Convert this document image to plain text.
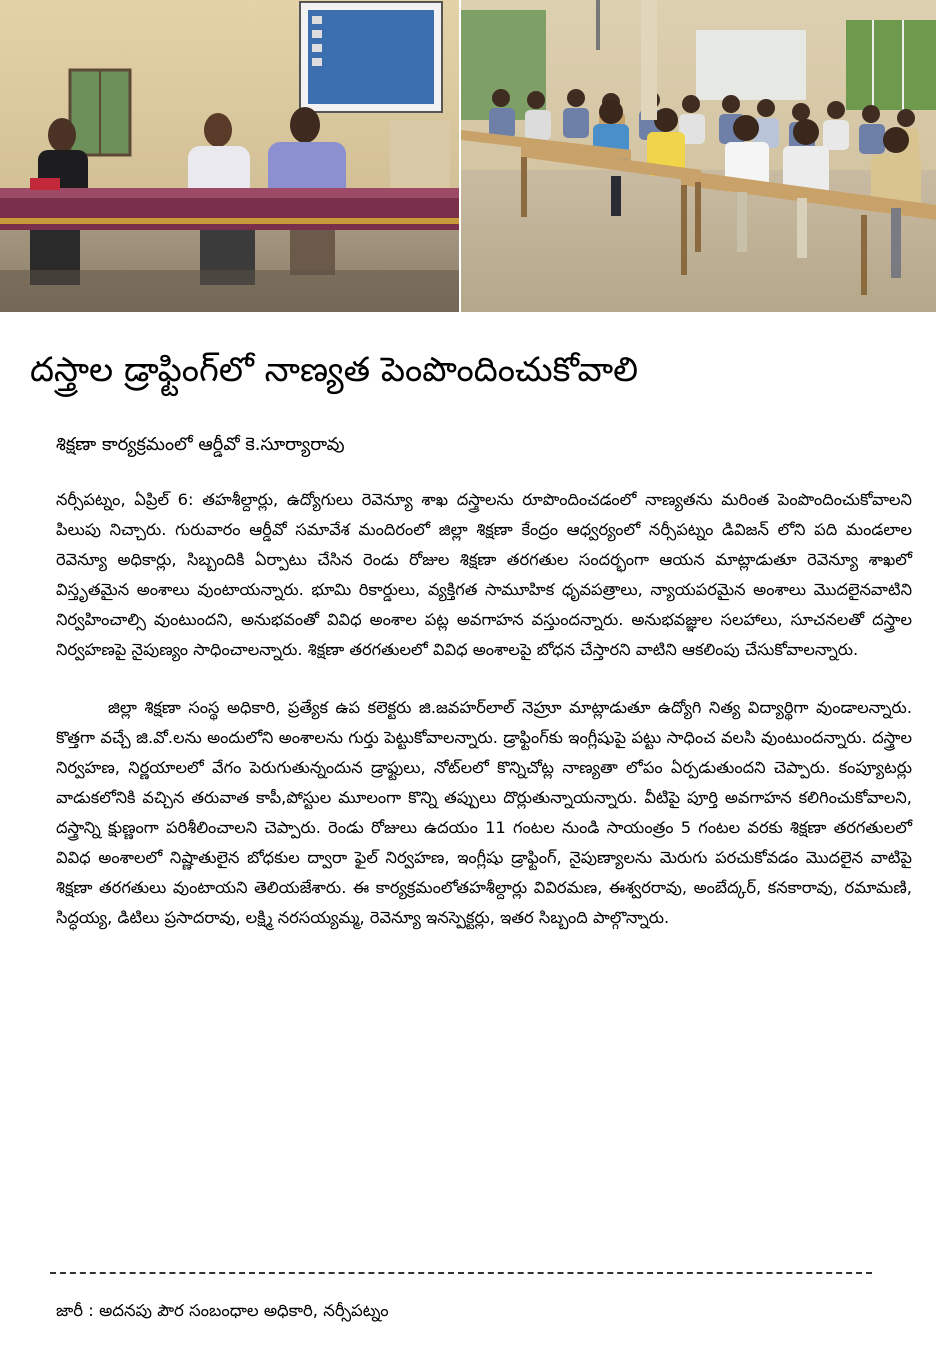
దస్త్రాల డ్రాఫ్టింగ్‌లో నాణ్యత పెంపొందించుకోవాలి

శిక్షణా కార్యక్రమంలో ఆర్డీవో కె.సూర్యారావు

నర్సీపట్నం, ఏప్రిల్ 6: తహశీల్దార్లు, ఉద్యోగులు రెవెన్యూ శాఖ దస్త్రాలను రూపొందించడంలో నాణ్యతను మరింత పెంపొందించుకోవాలని పిలుపు నిచ్చారు. గురువారం ఆర్డీవో సమావేశ మందిరంలో జిల్లా శిక్షణా కేంద్రం ఆధ్వర్యంలో నర్సీపట్నం డివిజన్ లోని పది మండలాల రెవెన్యూ అధికార్లు, సిబ్బందికి ఏర్పాటు చేసిన రెండు రోజుల శిక్షణా తరగతుల సందర్భంగా ఆయన మాట్లాడుతూ రెవెన్యూ శాఖలో విస్తృతమైన అంశాలు వుంటాయన్నారు. భూమి రికార్డులు, వ్యక్తిగత సామూహిక ధృవపత్రాలు, న్యాయపరమైన అంశాలు మొదలైనవాటిని నిర్వహించాల్సి వుంటుందని, అనుభవంతో వివిధ అంశాల పట్ల అవగాహన వస్తుందన్నారు. అనుభవజ్ఞుల సలహాలు, సూచనలతో దస్త్రాల నిర్వహణపై నైపుణ్యం సాధించాలన్నారు. శిక్షణా తరగతులలో వివిధ అంశాలపై బోధన చేస్తారని వాటిని ఆకలింపు చేసుకోవాలన్నారు.

జిల్లా శిక్షణా సంస్థ అధికారి, ప్రత్యేక ఉప కలెక్టరు జి.జవహర్‌లాల్ నెహ్రూ మాట్లాడుతూ ఉద్యోగి నిత్య విద్యార్థిగా వుండాలన్నారు. కొత్తగా వచ్చే జి.వో.లను అందులోని అంశాలను గుర్తు పెట్టుకోవాలన్నారు. డ్రాఫ్టింగ్‌కు ఇంగ్లీషుపై పట్టు సాధించ వలసి వుంటుందన్నారు. దస్త్రాల నిర్వహణ, నిర్ణయాలలో వేగం పెరుగుతున్నందున డ్రాఫ్టులు, నోట్‌లలో కొన్నిచోట్ల నాణ్యతా లోపం ఏర్పడుతుందని చెప్పారు. కంప్యూటర్లు వాడుకలోనికి వచ్చిన తరువాత కాపీ,పోస్టుల మూలంగా కొన్ని తప్పులు దొర్లుతున్నాయన్నారు. వీటిపై పూర్తి అవగాహన కలిగించుకోవాలని, దస్త్రాన్ని క్షుణ్ణంగా పరిశీలించాలని చెప్పారు. రెండు రోజులు ఉదయం 11 గంటల నుండి సాయంత్రం 5 గంటల వరకు శిక్షణా తరగతులలో వివిధ అంశాలలో నిష్ణాతులైన బోధకుల ద్వారా ఫైల్ నిర్వహణ, ఇంగ్లీషు డ్రాఫ్టింగ్, నైపుణ్యాలను మెరుగు పరచుకోవడం మొదలైన వాటిపై శిక్షణా తరగతులు వుంటాయని తెలియజేశారు. ఈ కార్యక్రమంలోతహశీల్దార్లు వివిరమణ, ఈశ్వరరావు, అంబేద్కర్, కనకారావు, రమామణి, సిద్ధయ్య, డిటిలు ప్రసాదరావు, లక్ష్మి నరసయ్యమ్మ, రెవెన్యూ ఇనస్పెక్టర్లు, ఇతర సిబ్బంది పాల్గొన్నారు.

జారీ : అదనపు పౌర సంబంధాల అధికారి, నర్సీపట్నం
